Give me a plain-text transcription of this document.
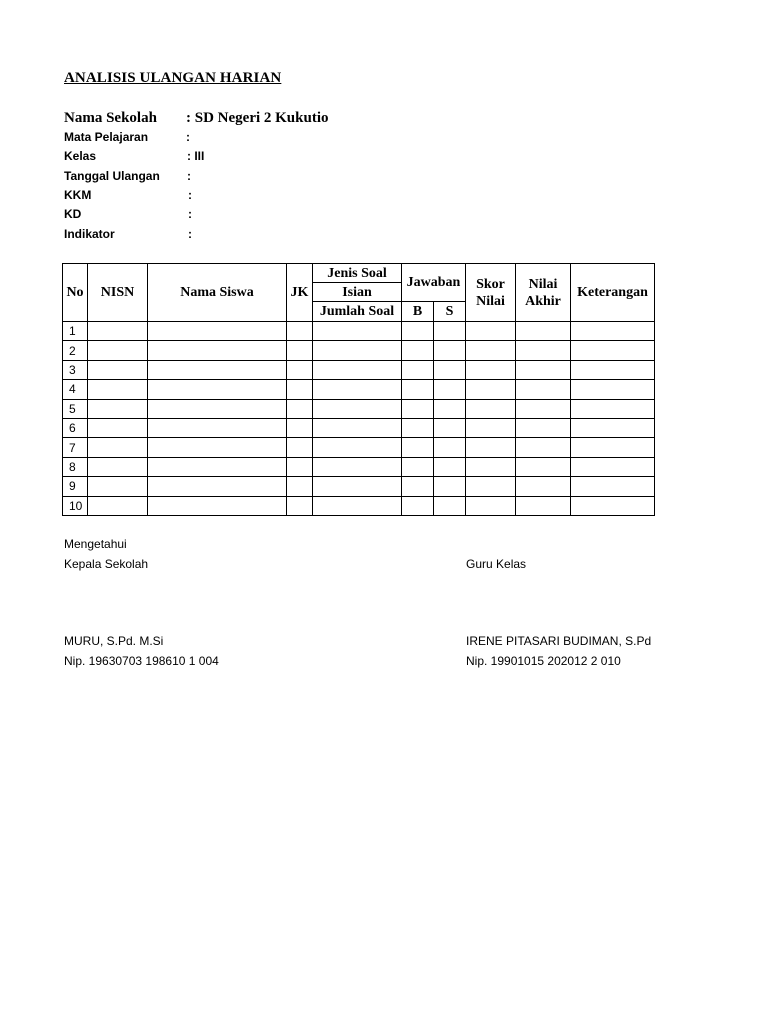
ANALISIS ULANGAN HARIAN
Nama Sekolah : SD Negeri 2 Kukutio
Mata Pelajaran	:
Kelas	: III
Tanggal Ulangan :
KKM	:
KD	:
Indikator	:
No	NISN	Nama Siswa	JK	Jenis Soal	Jawaban		Skor Nilai	Nilai Akhir	Keterangan
				Isian					
				Jumlah Soal	B	S			
1									
2									
3									
4									
5									
6									
7									
8									
9									
10									
Mengetahui
Kepala Sekolah	Guru Kelas
MURU, S.Pd. M.Si
Nip. 19630703 198610 1 004
IRENE PITASARI BUDIMAN, S.Pd
Nip. 19901015 202012 2 010
